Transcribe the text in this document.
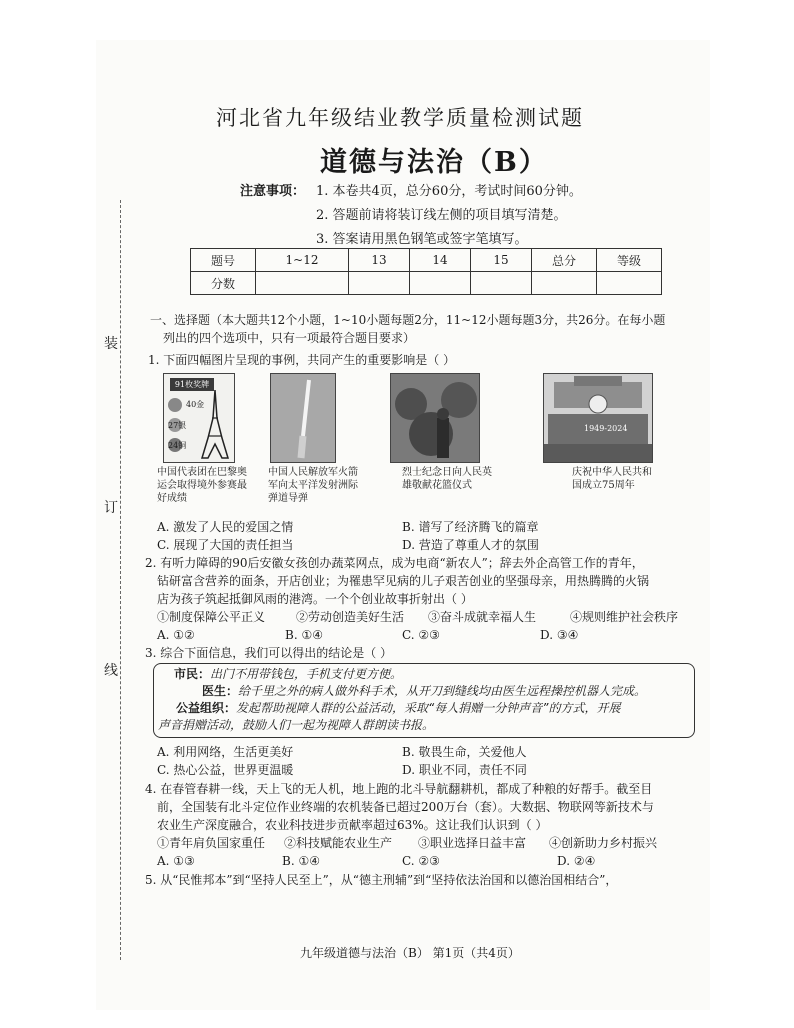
装
订
线
河北省九年级结业教学质量检测试题
道德与法治（B）
注意事项： 1. 本卷共4页，总分60分，考试时间60分钟。
2. 答题前请将装订线左侧的项目填写清楚。
3. 答案请用黑色钢笔或签字笔填写。
题号	1~12	13	14	15	总分	等级
分数						
一、选择题（本大题共12个小题，1~10小题每题2分，11~12小题每题3分，共26分。在每小题
列出的四个选项中，只有一项最符合题目要求）
1. 下面四幅图片呈现的事例，共同产生的重要影响是（ ）
91枚奖牌
40金
27银
24铜
1949-2024
中国代表团在巴黎奥运会取得境外参赛最好成绩
中国人民解放军火箭军向太平洋发射洲际弹道导弹
烈士纪念日向人民英雄敬献花篮仪式
庆祝中华人民共和国成立75周年
A. 激发了人民的爱国之情	B. 谱写了经济腾飞的篇章
C. 展现了大国的责任担当	D. 营造了尊重人才的氛围
2. 有听力障碍的90后安徽女孩创办蔬菜网点，成为电商“新农人”；辞去外企高管工作的青年，
钻研富含营养的面条，开店创业；为罹患罕见病的儿子艰苦创业的坚强母亲，用热腾腾的火锅
店为孩子筑起抵御风雨的港湾。一个个创业故事折射出（ ）
①制度保障公平正义	②劳动创造美好生活 ③奋斗成就幸福人生	④规则维护社会秩序
A. ①②	B. ①④	C. ②③	D. ③④
3. 综合下面信息，我们可以得出的结论是（ ）
市民：出门不用带钱包，手机支付更方便。
医生：给千里之外的病人做外科手术，从开刀到缝线均由医生远程操控机器人完成。
公益组织：发起帮助视障人群的公益活动，采取“每人捐赠一分钟声音”的方式，开展
声音捐赠活动，鼓励人们一起为视障人群朗读书报。
A. 利用网络，生活更美好	B. 敬畏生命，关爱他人
C. 热心公益，世界更温暖	D. 职业不同，责任不同
4. 在春管春耕一线，天上飞的无人机，地上跑的北斗导航翻耕机，都成了种粮的好帮手。截至目
前，全国装有北斗定位作业终端的农机装备已超过200万台（套）。大数据、物联网等新技术与
农业生产深度融合，农业科技进步贡献率超过63%。这让我们认识到（ ）
①青年肩负国家重任 ②科技赋能农业生产 ③职业选择日益丰富 ④创新助力乡村振兴
A. ①③	B. ①④	C. ②③	D. ②④
5. 从“民惟邦本”到“坚持人民至上”，从“德主刑辅”到“坚持依法治国和以德治国相结合”，
九年级道德与法治（B） 第1页（共4页）
